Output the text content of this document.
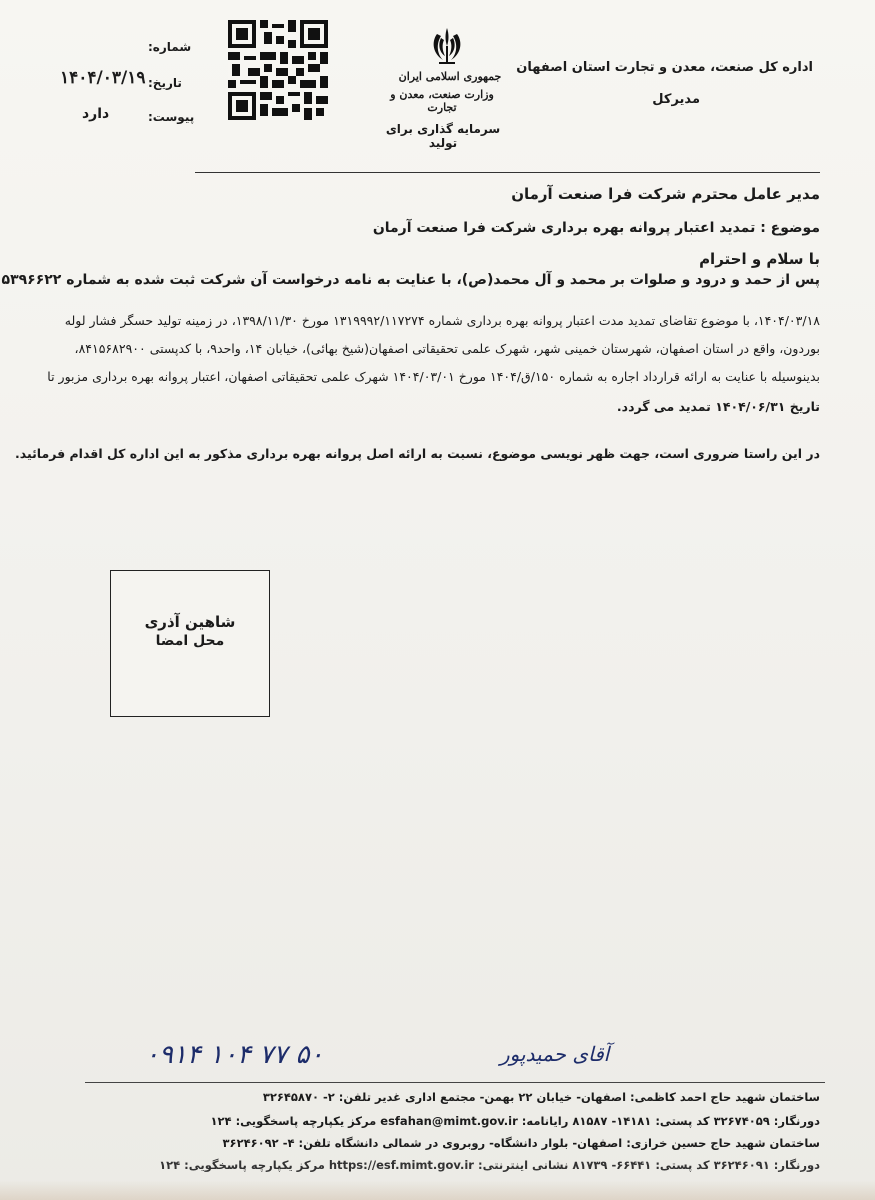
اداره کل صنعت، معدن و تجارت استان اصفهان
مدیرکل
جمهوری اسلامی ایران
وزارت صنعت، معدن و تجارت
سرمایه گذاری برای تولید
شماره:
تاریخ:
پیوست:
۱۴۰۴/۰۳/۱۹
دارد
مدیر عامل محترم شرکت فرا صنعت آرمان
موضوع : تمدید اعتبار پروانه بهره برداری شرکت فرا صنعت آرمان
با سلام و احترام
پس از حمد و درود و صلوات بر محمد و آل محمد(ص)، با عنایت به نامه درخواست آن شرکت ثبت شده به شماره ۵۳۹۶۶۲۲
۱۴۰۴/۰۳/۱۸، با موضوع تقاضای تمدید مدت اعتبار پروانه بهره برداری شماره ۱۳۱۹۹۹۲/۱۱۷۲۷۴ مورخ ۱۳۹۸/۱۱/۳۰، در زمینه تولید حسگر فشار لوله
بوردون، واقع در استان اصفهان، شهرستان خمینی شهر، شهرک علمی تحقیقاتی اصفهان(شیخ بهائی)، خیابان ۱۴، واحد۹، با کدپستی ۸۴۱۵۶۸۲۹۰۰،
بدینوسیله با عنایت به ارائه قرارداد اجاره به شماره ۱۵۰/ق/۱۴۰۴ مورخ ۱۴۰۴/۰۳/۰۱ شهرک علمی تحقیقاتی اصفهان، اعتبار پروانه بهره برداری مزبور تا
تاریخ ۱۴۰۴/۰۶/۳۱ تمدید می گردد.
در این راستا ضروری است، جهت ظهر نویسی موضوع، نسبت به ارائه اصل پروانه بهره برداری مذکور به این اداره کل اقدام فرمائید.
شاهین آذری
محل امضا
۰۹۱۴ ۱۰۴ ۷۷ ۵۰	آقای حمیدپور
ساختمان شهید حاج احمد کاظمی: اصفهان- خیابان ۲۲ بهمن- مجتمع اداری غدیر تلفن: ۲- ۳۲۶۴۵۸۷۰
دورنگار: ۳۲۶۷۴۰۵۹ کد پستی: ۱۴۱۸۱- ۸۱۵۸۷ رایانامه: esfahan@mimt.gov.ir مرکز یکپارچه پاسخگویی: ۱۲۴
ساختمان شهید حاج حسین خرازی: اصفهان- بلوار دانشگاه- روبروی در شمالی دانشگاه تلفن: ۴- ۳۶۲۴۶۰۹۲
دورنگار: ۳۶۲۴۶۰۹۱ کد پستی: ۶۶۴۴۱- ۸۱۷۳۹ نشانی اینترنتی: https://esf.mimt.gov.ir مرکز یکپارچه پاسخگویی: ۱۲۴
